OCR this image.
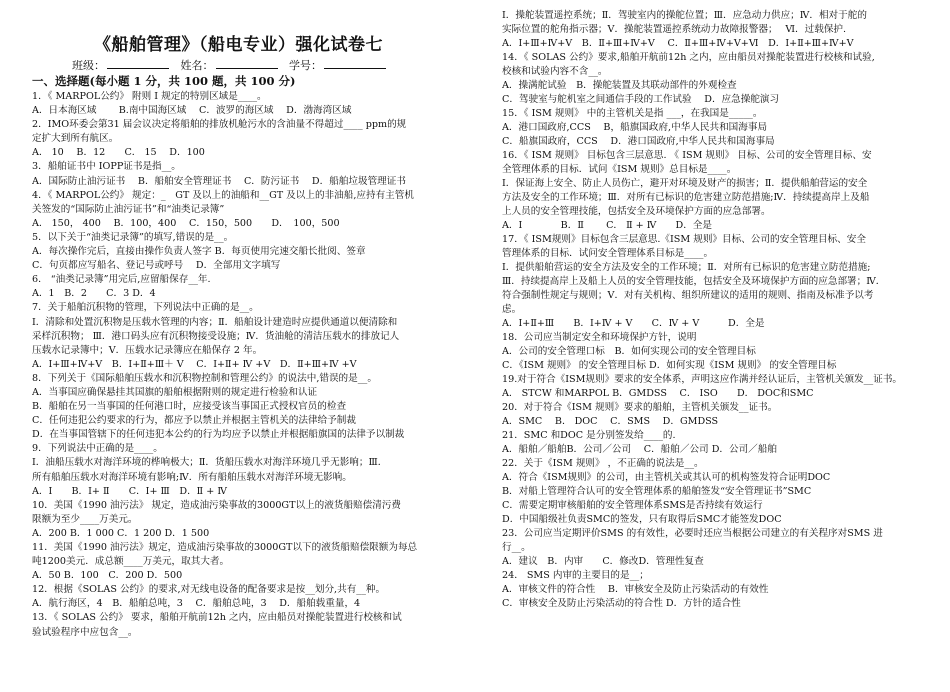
《船舶管理》（船电专业）强化试卷七
班级：	姓名：	学号：
一、选择题(每小题 1 分，共 100 题，共 100 分)

1．《 MARPOL公约》 附则 I 规定的特别区域是____。

A．日本海区域　　 B.南中国海区域　 C．波罗的海区域　 D．渤海湾区域

2．IMO环委会第31 届会议决定将船舶的排放机舱污水的含油量不得超过____ ppm的规

定扩大到所有航区。

A． 10　 B．12　　C． 15　 D．100

3．船舶证书中 IOPP证书是指__。

A．国际防止油污证书　 B．船舶安全管理证书　 C．防污证书　 D．船舶垃圾管理证书

4．《 MARPOL公约》 规定：_　GT 及以上的油船和__GT 及以上的非油船,应持有主管机

关签发的“国际防止油污证书”和“油类记录簿”

A． 150， 400　 B．100，400　 C．150，500　　D．　100，500

5．以下关于“油类记录簿”的填写,错误的是__。

A．每次操作完后，直接由操作负责人签字 B．每页使用完速交船长批阅、签章

C．句页都应写船名、登记号或呼号　 D．全部用文字填写

6． “油类记录簿”用完后,应留船保存__年.

A．1　B．2　　C．3 D．4

7．关于船舶沉积物的管理，下列说法中正确的是__。

Ⅰ．清除和处置沉积物是压载水管理的内容；Ⅱ．船舶设计建造时应提供通道以便清除和

采样沉积物； Ⅲ．港口码头应有沉积物接受设施；Ⅳ．货油舱的清洁压载水的排放记人

压载水记录簿中；Ⅴ．压载水记录簿应在船保存 2 年。

A．Ⅰ+Ⅲ+Ⅳ+Ⅴ　B．Ⅰ+Ⅱ+Ⅲ＋ Ⅴ　 C．Ⅰ+Ⅱ+ Ⅳ +Ⅴ　D．Ⅱ+Ⅲ+Ⅳ +Ⅴ

8．下列关于《国际船舶压载水和沉积物控制和管理公约》的说法中,错误的是__。

A．当事国应确保悬挂其国旗的船舶根据附则的规定进行检验和认证

B．船舶在另一当事国的任何港口时，应接受该当事国正式授权官员的检查

C．任何违犯公约要求的行为，都应予以禁止并根据主管机关的法律给予制裁

D．在当事国管辖下的任何违犯本公约的行为均应予以禁止并根据船旗国的法律予以制裁

9．下列说法中正确的是____。

Ⅰ．油船压载水对海洋环境的桦响极大；Ⅱ．货船压载水对海洋环境几乎无影响；Ⅲ．

所有船舶压载水对海洋环境有影响;Ⅳ．所有船舶压载水对海洋环境无影响。

A．Ⅰ　　B．Ⅰ+ Ⅱ　　C．Ⅰ+ Ⅲ　D．Ⅱ + Ⅳ

10．美国《1990 油污法》 规定，造成油污染事故的3000GT以上的液货船赔偿清污费

限额为至少____万美元。

A．200 B．1 000 C．1 200 D．1 500

11．美国《1990 油污法》规定，造成油污染事故的3000GT以下的液货船赔偿限额为每总

吨1200美元．成总额____万美元，取其大者。

A．50 B．100　C．200 D．500

12．根据《SOLAS 公约》的要求,对无线电设备的配备要求是按__划分,共有__种。

A．航行海区，4　B．船舶总吨，3　 C．船舶总吨，3　 D．船舶载重量，4

13．《 SOLAS 公约》 要求，船舶开航前12h 之内，应由船员对操舵装置进行校核和试

验试验程序中应包含__。

Ⅰ．操舵装置遥控系统；Ⅱ．驾驶室内的操舵位置；Ⅲ．应急动力供应；Ⅳ．相对于舵的

实际位置的舵角指示器；Ⅴ．操舵装置遥控系统动力故障报警器；　 Ⅵ．过载保护.

A．Ⅰ+Ⅲ+Ⅳ+Ⅴ　B．Ⅱ+Ⅲ+Ⅳ+Ⅴ　 C．Ⅱ+Ⅲ+Ⅳ+Ⅴ+Ⅵ　D．Ⅰ+Ⅱ+Ⅲ+Ⅳ+Ⅴ

14．《 SOLAS 公约》要求,船舶开航前12h 之内，应由船员对操舵装置进行校核和试验,

校核和试验内容不含__。

A．操满舵试验　B．操舵装置及其联动部件的外观检查

C．驾驶室与舵机室之间通信手段的工作试验　 D．应急操舵演习

15．《 ISM 规则》 中的主管机关是指 ___，在我国是_____。

A．港口国政府,CCS　 B，船旗国政府,中华人民共和国海事局

C．船旗国政府，CCS　 D．港口国政府,中华人民共和国海事局

16．《 ISM 规则》 目标包含三层意思. 《 ISM 规则》 目标、公司的安全管理目标、安

全管理体系的目标．试问《ISM 规则》总目标是____。

Ⅰ．保证海上安全、防止人员伤亡，避开对环境及财产的损害；Ⅱ．提供船舶营运的安全

方法及安全的工作环境；Ⅲ．对所有已标识的危害建立防范措施;Ⅳ．持续提高岸上及船

上人员的安全管理技能，包括安全及环境保护方面的应急部署。

A．Ⅰ　　　　B．Ⅱ　　 C． Ⅱ + Ⅳ　　D．全是

17．《 ISM规则》目标包含三层意思.《ISM 规则》目标、公司的安全管理目标、安全

管理体系的目标．试问安全管理体系目标是____。

Ⅰ．提供船舶营运的安全方法及安全的工作环境；Ⅱ．对所有已标识的危害建立防范措施;

Ⅲ．持续提高岸上及船上人员的安全管理技能，包括安全及环境保护方面的应急部署；Ⅳ．

符合强制性规定与规则；Ⅴ．对有关机构、组织所建议的适用的规则、指南及标准予以考

虑。

A．Ⅰ+Ⅱ+Ⅲ　　B．Ⅰ+Ⅳ + Ⅴ　　C．Ⅳ + Ⅴ　　　D．全是

18．公司应当制定安全和环境保护方针，说明

A．公司的安全管理口标　B．如何实现公司的安全管理目标

C．《ISM 规则》 的安全管理目标 D．如何实现《ISM 规则》 的安全管理目标

19.对于符合《ISM规则》要求的安全体系，声明这应作满并经认证后，主管机关颁发__证书。

A． STCW 和MARPOL B．GMDSS　 C． ISO　　D． DOC和SMC

20．对于符合《ISM 规则》要求的船舶，主管机关颁发__证书。

A．SMC　 B． DOC　 C．SMS　 D．GMDSS

21．SMC 和DOC 是分别签发给____的.

A．船舶／船舶B．公司／公司　 C．船舶／公司 D．公司／船舶

22．关于《ISM 规则》 ，不正确的说法是__。

A．符合《ISM规则》的公司，由主管机关或其认可的机构签发符合证明DOC

B．对船上管理符合认可的安全管理体系的船舶签发“安全管理证书”SMC

C．需要定期审核船舶的安全管理体系SMS是否持续有效运行

D．中国船级社负责SMC的签发，只有取得后SMC才能签发DOC

23．公司应当定期评价SMS 的有效性，必要时还应当根据公司建立的有关程序对SMS 进

行__。

A．建议　B．内审　　C．修改D．管理性复查

24． SMS 内审的主要目的是__；

A．审核文件的符合性　 B．审核安全及防止污染活动的有效性

C．审核安全及防止污染活动的符合性 D．方针的适合性
